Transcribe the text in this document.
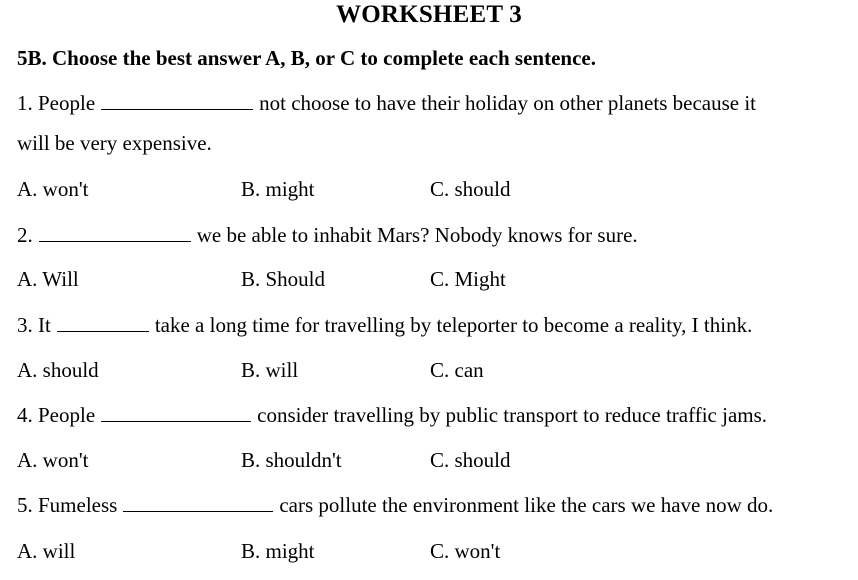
WORKSHEET 3
5B. Choose the best answer A, B, or C to complete each sentence.
1. People	not choose to have their holiday on other planets because it
will be very expensive.
A. won't	B. might	C. should
2.	we be able to inhabit Mars? Nobody knows for sure.
A. Will	B. Should	C. Might
3. It	take a long time for travelling by teleporter to become a reality, I think.
A. should	B. will	C. can
4. People	consider travelling by public transport to reduce traffic jams.
A. won't	B. shouldn't	C. should
5. Fumeless	cars pollute the environment like the cars we have now do.
A. will	B. might	C. won't
